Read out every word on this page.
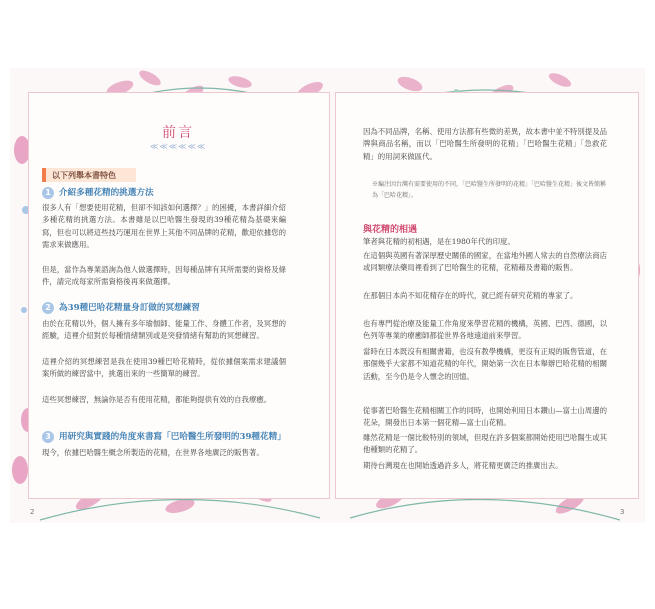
前言
≪≪≪≪≪≪
以下列舉本書特色
1 介紹多種花精的挑選方法

很多人有「想要使用花精，但卻不知該如何選擇？」的困擾，本書詳細介紹多種花精的挑選方法。本書雖是以巴哈醫生發現的39種花精為基礎來編寫，但也可以將這些技巧運用在世界上其他不同品牌的花精，歡迎依據您的需求來做應用。

但是，當作為專業諮詢為他人做選擇時，因每種品牌有其所需要的資格及條件，請完成每家所需資格後再來做選擇。

2 為39種巴哈花精量身訂做的冥想練習

由於在花精以外，個人擁有多年瑜伽師、能量工作、身體工作者，及冥想的經驗，這裡介紹對於每種情緒類別或是突發情緒有幫助的冥想練習。

這裡介紹的冥想練習是我在使用39種巴哈花精時，從依據個案需求建議個案所做的練習當中，挑選出來的一些簡單的練習。

這些冥想練習，無論你是否有使用花精，都能夠提供有效的自我療癒。

3 用研究與實踐的角度來書寫「巴哈醫生所發明的39種花精」

現今，依據巴哈醫生概念所製造的花精，在世界各地廣泛的販售著。

2

因為不同品牌，名稱、使用方法都有些微的差異，故本書中並不特別提及品牌與商品名稱，而以「巴哈醫生所發明的花精」「巴哈醫生花精」「急救花精」的用詞來做區代。

※編注因台灣有需要使用的不同，「巴哈醫生所發明的花精」「巴哈醫生花精」後文皆簡稱為「巴哈花精」。
與花精的相遇

筆者與花精的初相遇，是在1980年代的印度。

在這個與英國有著深厚歷史關係的國家，在當地外國人常去的自然療法商店或同類療法藥局裡看到了巴哈醫生的花精，花精藉及書籍的販售。

在那個日本尚不知花精存在的時代，就已經有研究花精的專家了。

也有專門從治療及能量工作角度來學習花精的機構，英國、巴西、德國，以色列等專業的療癒師都從世界各地遠道前來學習。

當時在日本既沒有相關書籍，也沒有教學機構，更沒有正規的販售管道，在那個幾乎大家都不知道花精的年代，開始第一次在日本舉辦巴哈花精的相關活動，至今仍是令人懷念的回憶。

從事著巴哈醫生花精相關工作的同時，也開始利用日本鑽山—富士山周邊的花朵，開發出日本第一個花精—富士山花精。

雖然花精是一個比較特別的領域，但現在許多個案都開始使用巴哈醫生或其他種類的花精了。

期待台灣現在也開始透過許多人，將花精更廣泛的推廣出去。

3
